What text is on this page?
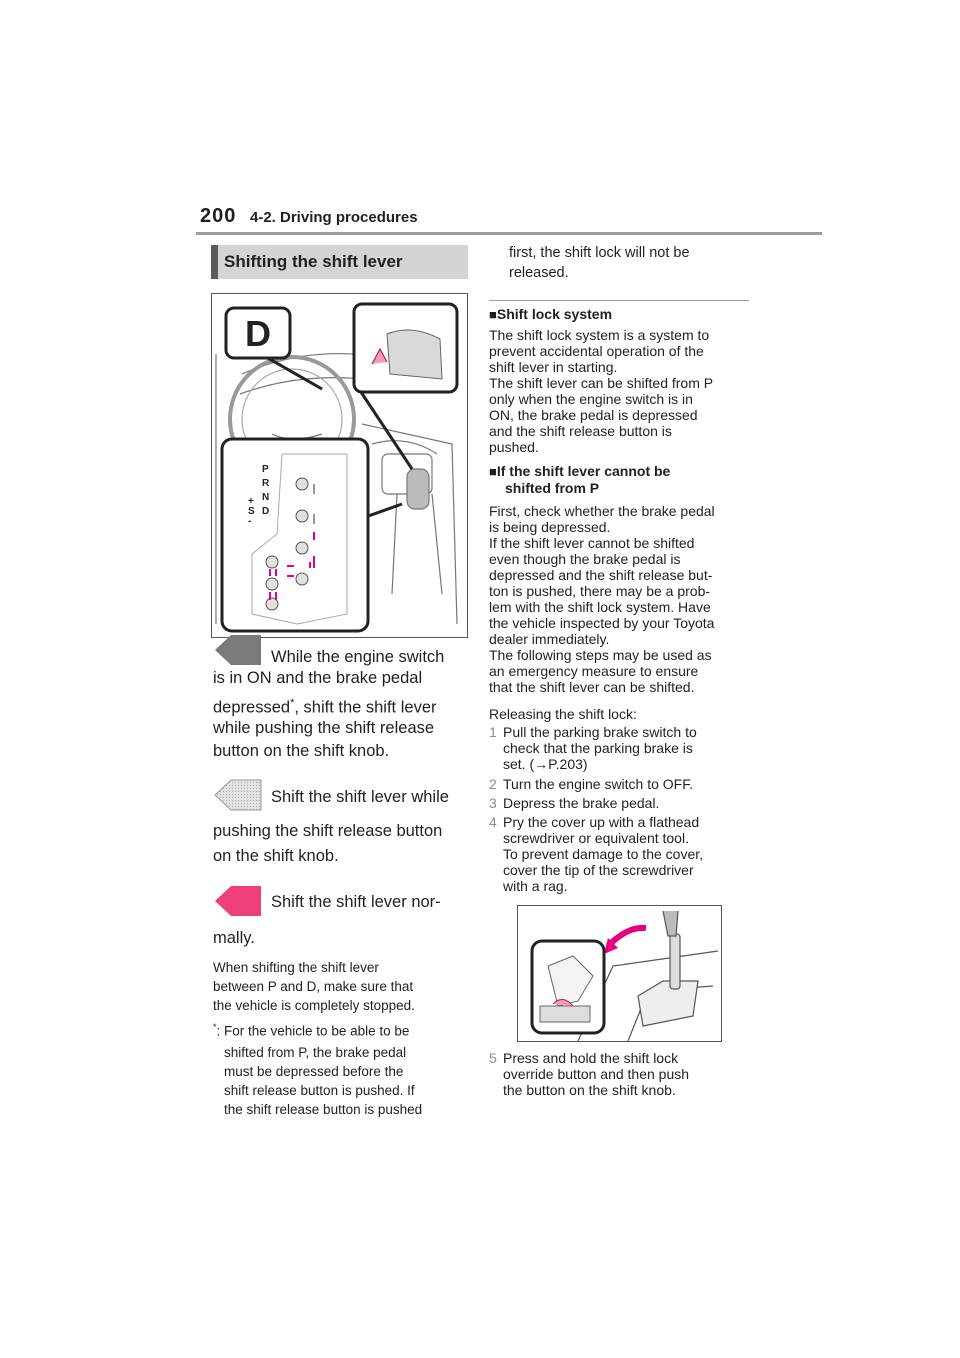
200 4-2. Driving procedures
Shifting the shift lever
D
P
R
N
D
+
S
-
While the engine switch
is in ON and the brake pedal
depressed*, shift the shift lever
while pushing the shift release
button on the shift knob.
Shift the shift lever while
pushing the shift release button
on the shift knob.
Shift the shift lever nor-
mally.
When shifting the shift lever
between P and D, make sure that
the vehicle is completely stopped.
*: For the vehicle to be able to be
shifted from P, the brake pedal
must be depressed before the
shift release button is pushed. If
the shift release button is pushed
first, the shift lock will not be
released.
■Shift lock system
The shift lock system is a system to
prevent accidental operation of the
shift lever in starting.
The shift lever can be shifted from P
only when the engine switch is in
ON, the brake pedal is depressed
and the shift release button is
pushed.
■If the shift lever cannot be
shifted from P
First, check whether the brake pedal
is being depressed.
If the shift lever cannot be shifted
even though the brake pedal is
depressed and the shift release but-
ton is pushed, there may be a prob-
lem with the shift lock system. Have
the vehicle inspected by your Toyota
dealer immediately.
The following steps may be used as
an emergency measure to ensure
that the shift lever can be shifted.
Releasing the shift lock:
1 Pull the parking brake switch to
check that the parking brake is
set. (→P.203)
2 Turn the engine switch to OFF.
3 Depress the brake pedal.
4 Pry the cover up with a flathead
screwdriver or equivalent tool.
To prevent damage to the cover,
cover the tip of the screwdriver
with a rag.
5 Press and hold the shift lock
override button and then push
the button on the shift knob.
